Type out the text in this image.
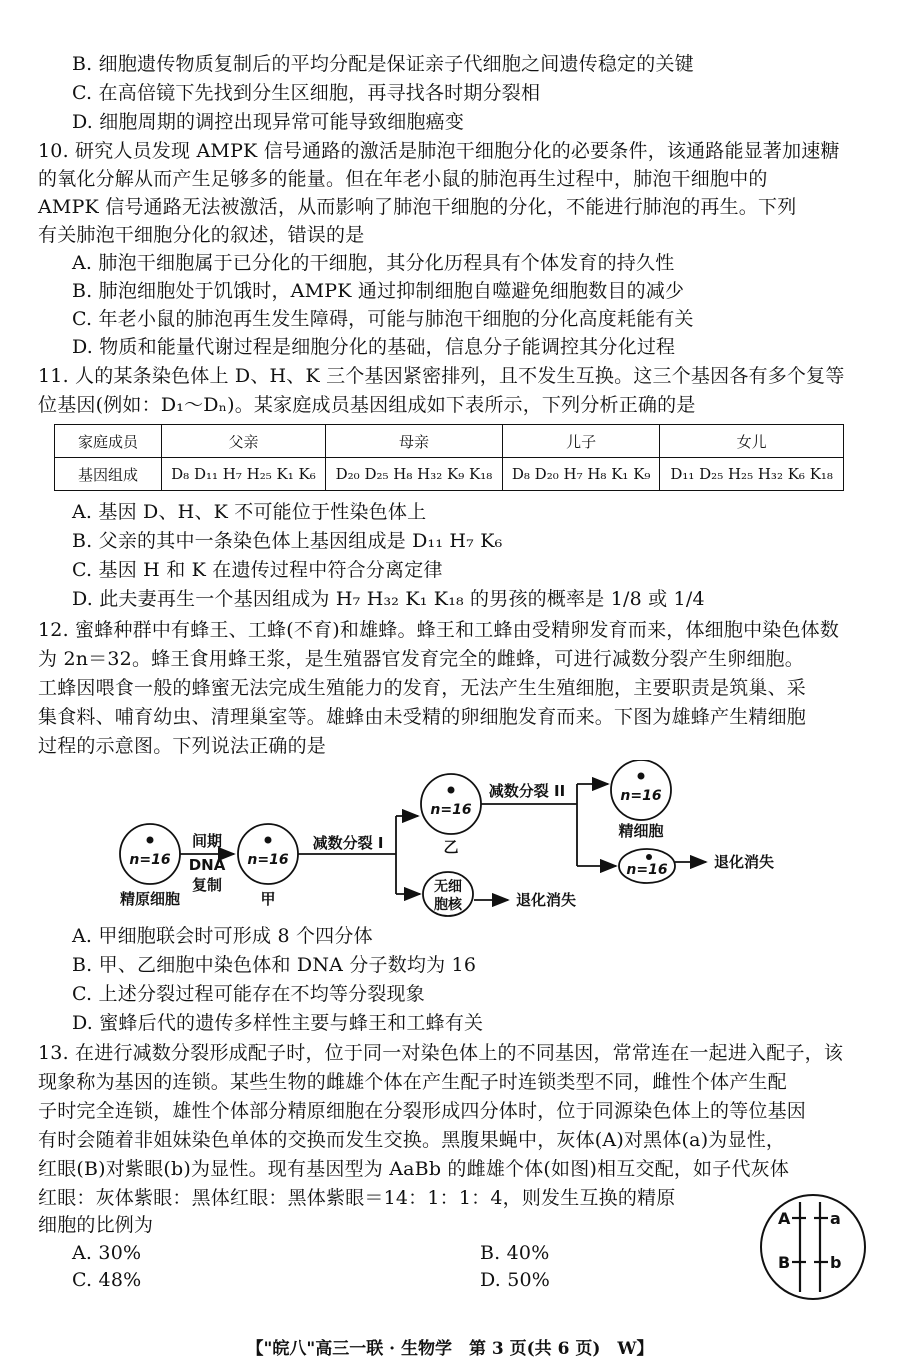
B. 细胞遗传物质复制后的平均分配是保证亲子代细胞之间遗传稳定的关键
C. 在高倍镜下先找到分生区细胞，再寻找各时期分裂相
D. 细胞周期的调控出现异常可能导致细胞癌变
10. 研究人员发现 AMPK 信号通路的激活是肺泡干细胞分化的必要条件，该通路能显著加速糖
的氧化分解从而产生足够多的能量。但在年老小鼠的肺泡再生过程中，肺泡干细胞中的
AMPK 信号通路无法被激活，从而影响了肺泡干细胞的分化，不能进行肺泡的再生。下列
有关肺泡干细胞分化的叙述，错误的是
A. 肺泡干细胞属于已分化的干细胞，其分化历程具有个体发育的持久性
B. 肺泡细胞处于饥饿时，AMPK 通过抑制细胞自噬避免细胞数目的减少
C. 年老小鼠的肺泡再生发生障碍，可能与肺泡干细胞的分化高度耗能有关
D. 物质和能量代谢过程是细胞分化的基础，信息分子能调控其分化过程
11. 人的某条染色体上 D、H、K 三个基因紧密排列，且不发生互换。这三个基因各有多个复等
位基因(例如：D₁～Dₙ)。某家庭成员基因组成如下表所示，下列分析正确的是
家庭成员	父亲	母亲	儿子	女儿
基因组成	D₈ D₁₁ H₇ H₂₅ K₁ K₆	D₂₀ D₂₅ H₈ H₃₂ K₉ K₁₈	D₈ D₂₀ H₇ H₈ K₁ K₉	D₁₁ D₂₅ H₂₅ H₃₂ K₆ K₁₈
A. 基因 D、H、K 不可能位于性染色体上
B. 父亲的其中一条染色体上基因组成是 D₁₁ H₇ K₆
C. 基因 H 和 K 在遗传过程中符合分离定律
D. 此夫妻再生一个基因组成为 H₇ H₃₂ K₁ K₁₈ 的男孩的概率是 1/8 或 1/4
12. 蜜蜂种群中有蜂王、工蜂(不育)和雄蜂。蜂王和工蜂由受精卵发育而来，体细胞中染色体数
为 2n＝32。蜂王食用蜂王浆，是生殖器官发育完全的雌蜂，可进行减数分裂产生卵细胞。
工蜂因喂食一般的蜂蜜无法完成生殖能力的发育，无法产生生殖细胞，主要职责是筑巢、采
集食料、哺育幼虫、清理巢室等。雄蜂由未受精的卵细胞发育而来。下图为雄蜂产生精细胞
过程的示意图。下列说法正确的是
n=16
精原细胞
间期
DNA
复制
n=16
甲
减数分裂 I
n=16
乙
减数分裂 II	n=16
精细胞
n=16	退化消失
无细
胞核	退化消失
A. 甲细胞联会时可形成 8 个四分体
B. 甲、乙细胞中染色体和 DNA 分子数均为 16
C. 上述分裂过程可能存在不均等分裂现象
D. 蜜蜂后代的遗传多样性主要与蜂王和工蜂有关
13. 在进行减数分裂形成配子时，位于同一对染色体上的不同基因，常常连在一起进入配子，该
现象称为基因的连锁。某些生物的雌雄个体在产生配子时连锁类型不同，雌性个体产生配
子时完全连锁，雄性个体部分精原细胞在分裂形成四分体时，位于同源染色体上的等位基因
有时会随着非姐妹染色单体的交换而发生交换。黑腹果蝇中，灰体(A)对黑体(a)为显性，
红眼(B)对紫眼(b)为显性。现有基因型为 AaBb 的雌雄个体(如图)相互交配，如子代灰体
红眼：灰体紫眼：黑体红眼：黑体紫眼＝14：1：1：4，则发生互换的精原
细胞的比例为	A a
B b
A. 30%	B. 40%
C. 48%	D. 50%
【"皖八"高三一联 · 生物学　第 3 页(共 6 页)　W】
